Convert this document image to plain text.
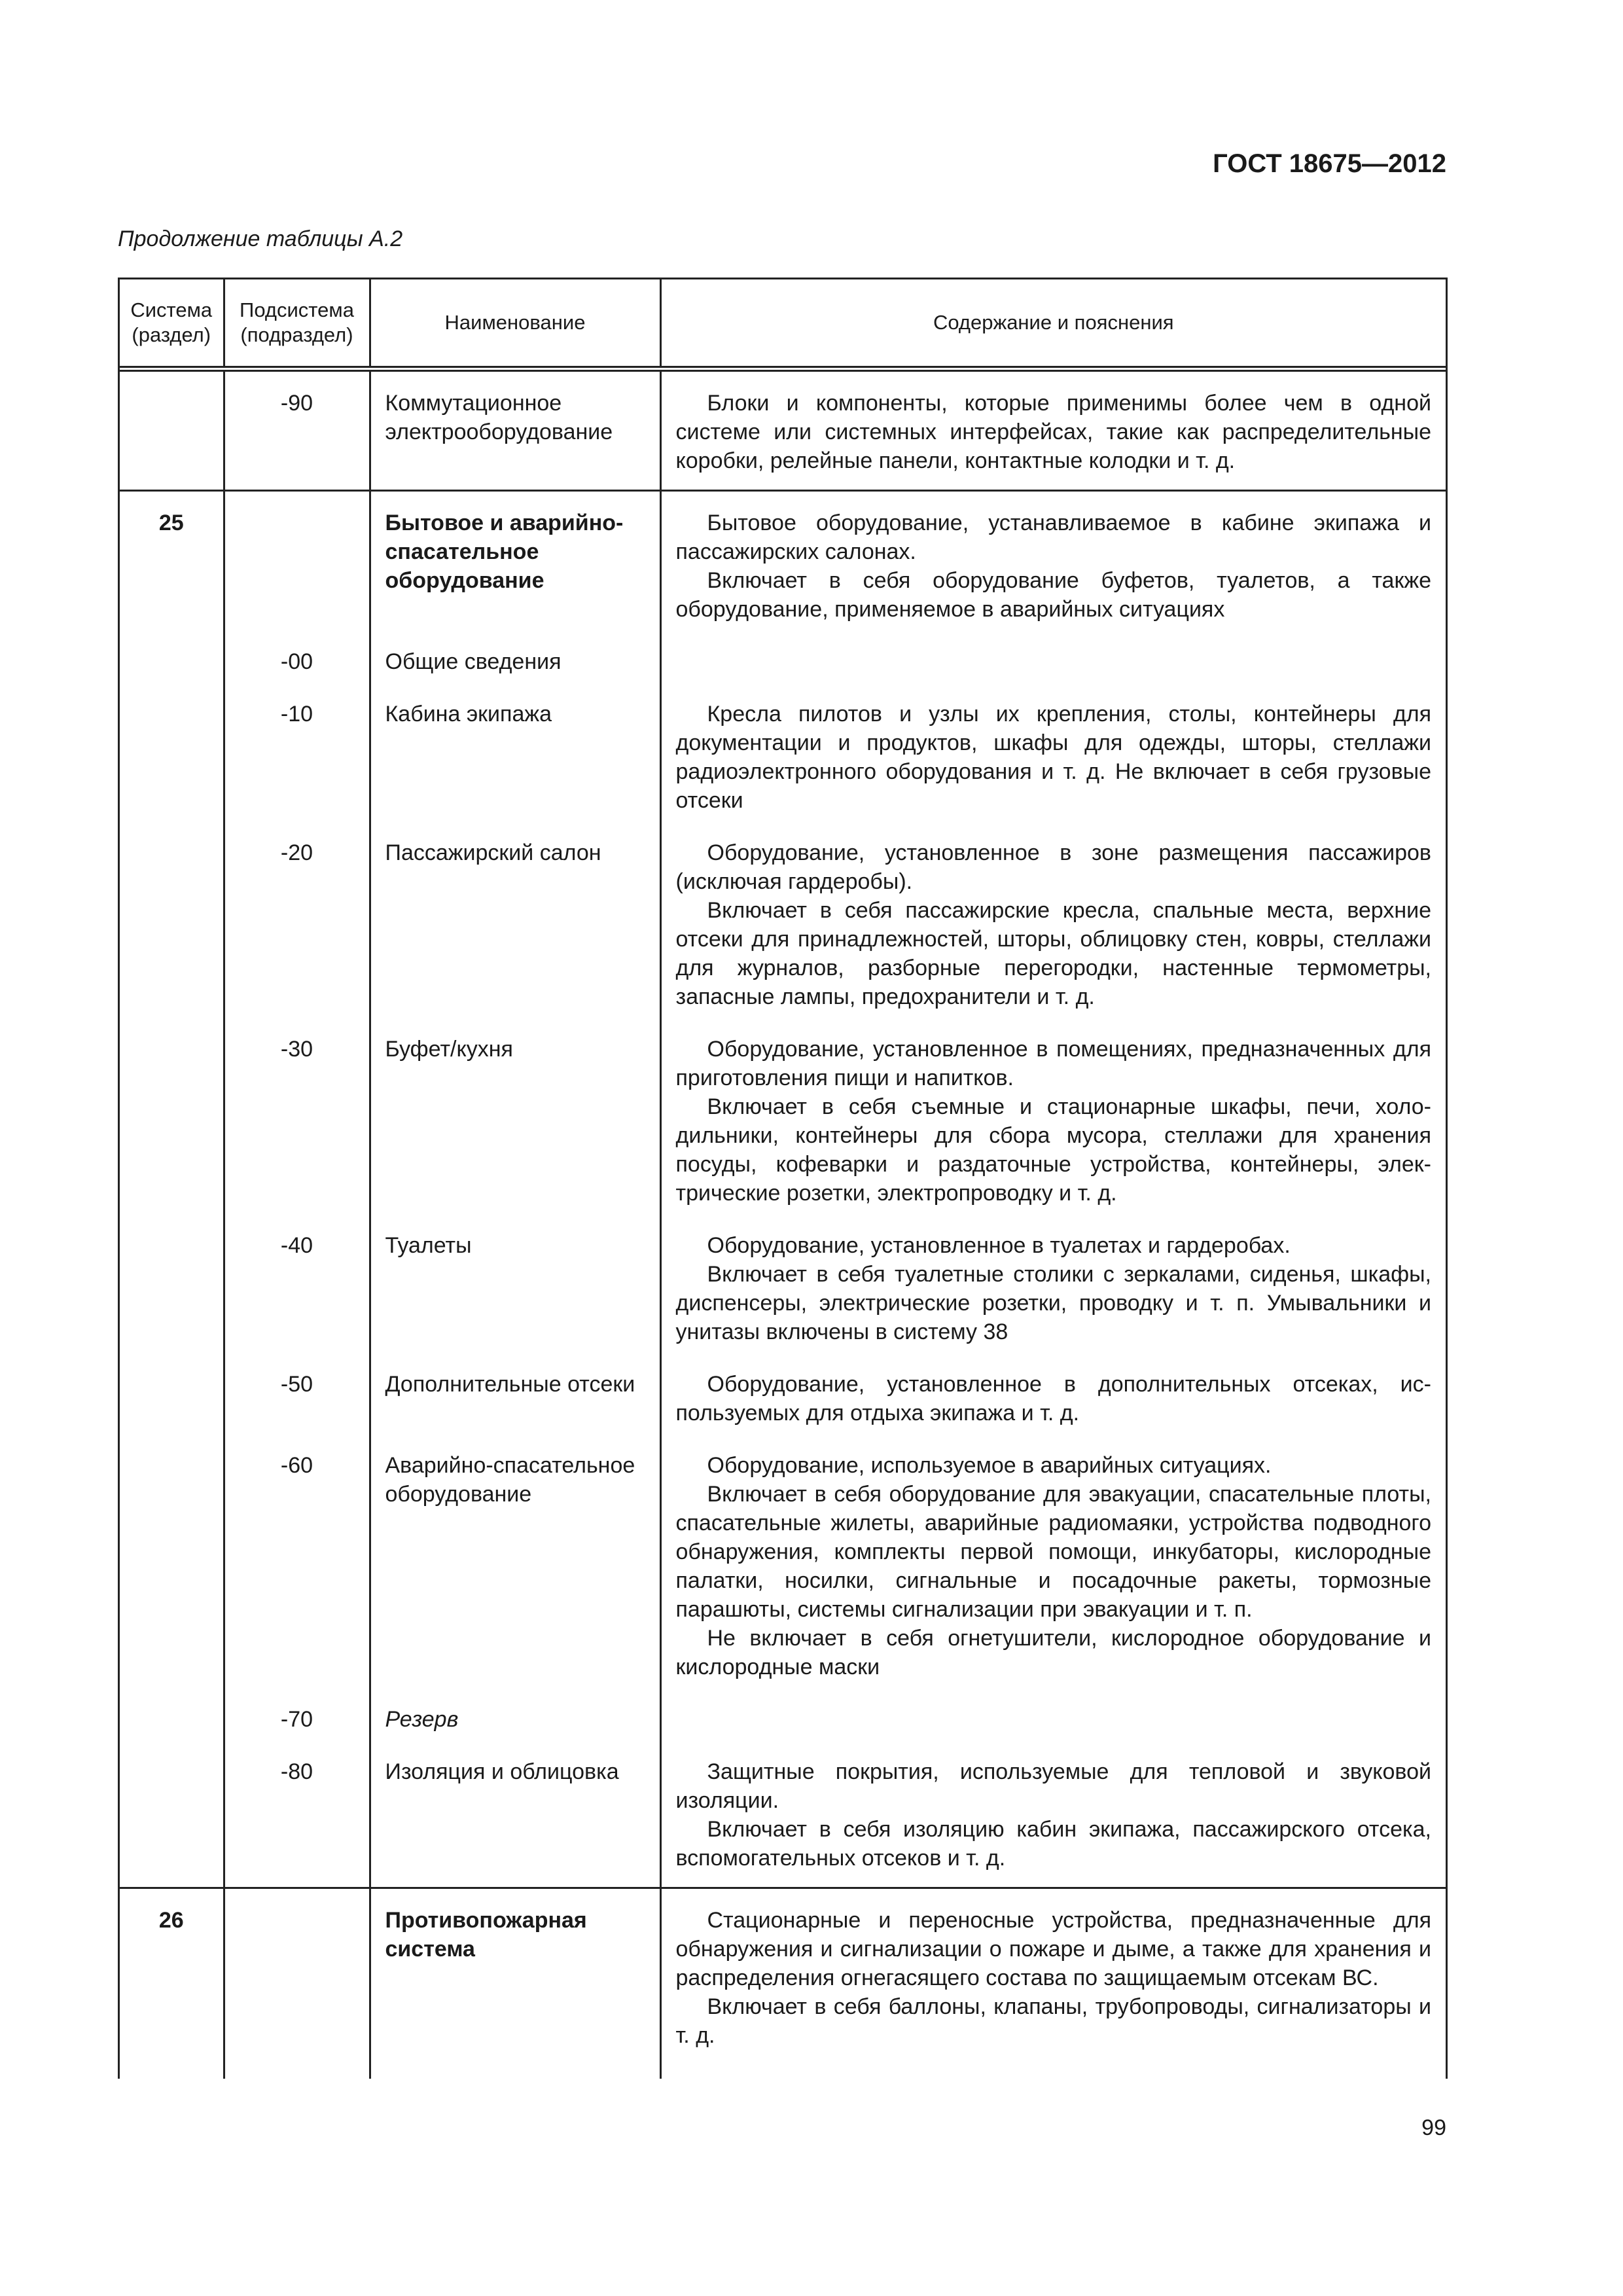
ГОСТ 18675—2012

Продолжение таблицы А.2

Система (раздел)	Подсистема (подраздел)	Наименование	Содержание и пояснения
	-90	Коммутационное электрооборудование	Блоки и компоненты, которые применимы более чем в одной системе или системных интерфейсах, такие как распределительные коробки, релейные панели, контактные колодки и т. д.

25		Бытовое и аварийно-спасательное оборудование	Бытовое оборудование, устанавливаемое в кабине экипажа и пассажирских салонах.

Включает в себя оборудование буфетов, туалетов, а также оборудование, применяемое в аварийных ситуациях

	-00	Общие сведения	
	-10	Кабина экипажа	Кресла пилотов и узлы их крепления, столы, контейнеры для документации и продуктов, шкафы для одежды, шторы, стеллажи радиоэлектронного оборудования и т. д. Не включает в себя грузовые отсеки

	-20	Пассажирский салон	Оборудование, установленное в зоне размещения пассажиров (исключая гардеробы).

Включает в себя пассажирские кресла, спальные места, верхние отсеки для принадлежностей, шторы, облицовку стен, ковры, стеллажи для журналов, разборные перегородки, настенные термометры, запасные лампы, предохранители и т. д.

	-30	Буфет/кухня	Оборудование, установленное в помещениях, предназначенных для приготовления пищи и напитков.

Включает в себя съемные и стационарные шкафы, печи, холодильники, контейнеры для сбора мусора, стеллажи для хранения посуды, кофеварки и раздаточные устройства, контейнеры, электрические розетки, электропроводку и т. д.

	-40	Туалеты	Оборудование, установленное в туалетах и гардеробах.

Включает в себя туалетные столики с зеркалами, сиденья, шкафы, диспенсеры, электрические розетки, проводку и т. п. Умывальники и унитазы включены в систему 38

	-50	Дополнительные отсеки	Оборудование, установленное в дополнительных отсеках, используемых для отдыха экипажа и т. д.

	-60	Аварийно-спасательное оборудование	Оборудование, используемое в аварийных ситуациях.

Включает в себя оборудование для эвакуации, спасательные плоты, спасательные жилеты, аварийные радиомаяки, устройства подводного обнаружения, комплекты первой помощи, инкубаторы, кислородные палатки, носилки, сигнальные и посадочные ракеты, тормозные парашюты, системы сигнализации при эвакуации и т. п.

Не включает в себя огнетушители, кислородное оборудование и кислородные маски

	-70	Резерв	
	-80	Изоляция и облицовка	Защитные покрытия, используемые для тепловой и звуковой изоляции.

Включает в себя изоляцию кабин экипажа, пассажирского отсека, вспомогательных отсеков и т. д.

26		Противопожарная система	Стационарные и переносные устройства, предназначенные для обнаружения и сигнализации о пожаре и дыме, а также для хранения и распределения огнегасящего состава по защищаемым отсекам ВС.

Включает в себя баллоны, клапаны, трубопроводы, сигнализаторы и т. д.

99
